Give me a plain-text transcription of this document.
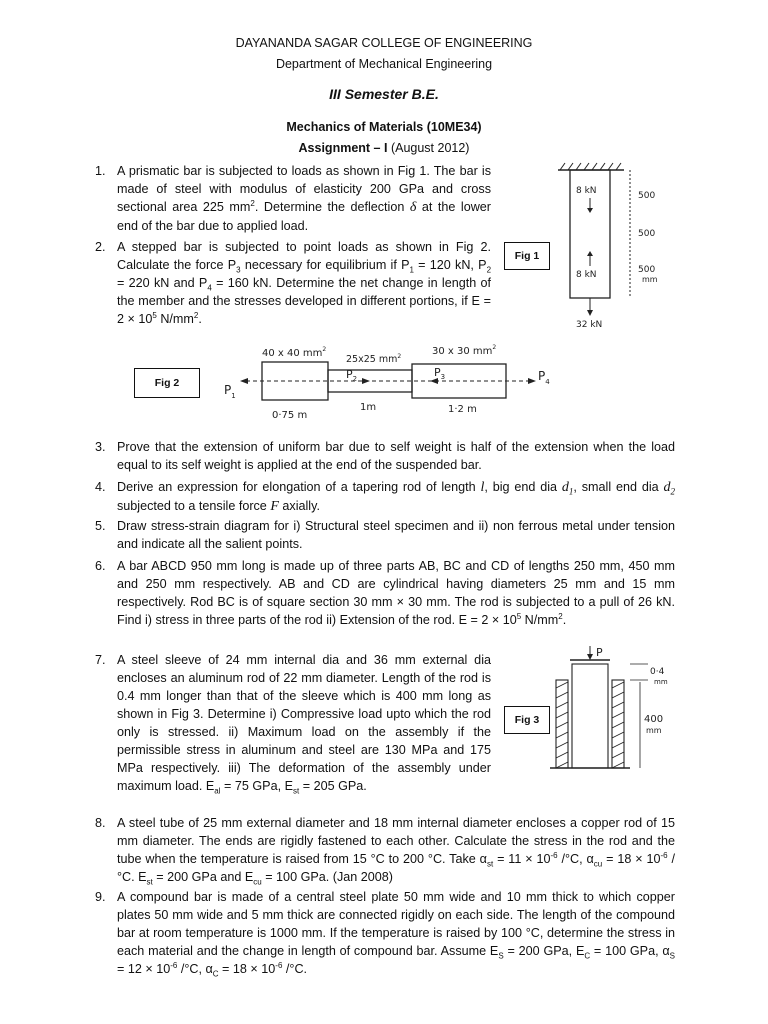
DAYANANDA SAGAR COLLEGE OF ENGINEERING
Department of Mechanical Engineering
III Semester B.E.
Mechanics of Materials (10ME34)
Assignment – I (August 2012)
1. A prismatic bar is subjected to loads as shown in Fig 1. The bar is made of steel with modulus of elasticity 200 GPa and cross sectional area 225 $mm^2$. Determine the deflection δ at the lower end of the bar due to applied load.
2. A stepped bar is subjected to point loads as shown in Fig 2. Calculate the force $P_3$ necessary for equilibrium if $P_1 = 120$ kN, $P_2 = 220$ kN and $P_4 = 160$ kN. Determine the net change in length of the member and the stresses developed in different portions, if $E = 2 \times 10^5$ $N/mm^2$.
Fig 1
8 kN
8 kN
32 kN
500
500
500
mm
Fig 2
40 x 40 $mm^2$
25x25 $mm^2$	30 x 30 $mm^2$
$P_1$
$P_2$	$P_3$	$P_4$
0·75 m
1m	1·2 m
3. Prove that the extension of uniform bar due to self weight is half of the extension when the load equal to its self weight is applied at the end of the suspended bar.
4. Derive an expression for elongation of a tapering rod of length l, big end dia $d_1$, small end dia $d_2$ subjected to a tensile force F axially.
5. Draw stress-strain diagram for i) Structural steel specimen and ii) non ferrous metal under tension and indicate all the salient points.
6. A bar ABCD 950 mm long is made up of three parts AB, BC and CD of lengths 250 mm, 450 mm and 250 mm respectively. AB and CD are cylindrical having diameters 25 mm and 15 mm respectively. Rod BC is of square section 30 mm × 30 mm. The rod is subjected to a pull of 26 kN. Find i) stress in three parts of the rod ii) Extension of the rod. $E = 2 \times 10^5$ $N/mm^2$.
7. A steel sleeve of 24 mm internal dia and 36 mm external dia encloses an aluminum rod of 22 mm diameter. Length of the rod is 0.4 mm longer than that of the sleeve which is 400 mm long as shown in Fig 3. Determine i) Compressive load upto which the rod only is stressed. ii) Maximum load on the assembly if the permissible stress in aluminum and steel are 130 MPa and 175 MPa respectively. iii) The deformation of the assembly under maximum load. $E_{al} = 75$ GPa, $E_{st} = 205$ GPa.
Fig 3
P
0·4
mm
400
mm
8. A steel tube of 25 mm external diameter and 18 mm internal diameter encloses a copper rod of 15 mm diameter. The ends are rigidly fastened to each other. Calculate the stress in the rod and the tube when the temperature is raised from 15 °C to 200 °C. Take $\alpha_{st} = 11 \times 10^{-6}$ /°C, $\alpha_{cu} = 18 \times 10^{-6}$ /°C. $E_{st} = 200$ GPa and $E_{cu} = 100$ GPa. (Jan 2008)
9. A compound bar is made of a central steel plate 50 mm wide and 10 mm thick to which copper plates 50 mm wide and 5 mm thick are connected rigidly on each side. The length of the compound bar at room temperature is 1000 mm. If the temperature is raised by 100 °C, determine the stress in each material and the change in length of compound bar. Assume $E_S = 200$ GPa, $E_C = 100$ GPa, $\alpha_S = 12 \times 10^{-6}$ /°C, $\alpha_C = 18 \times 10^{-6}$ /°C.
